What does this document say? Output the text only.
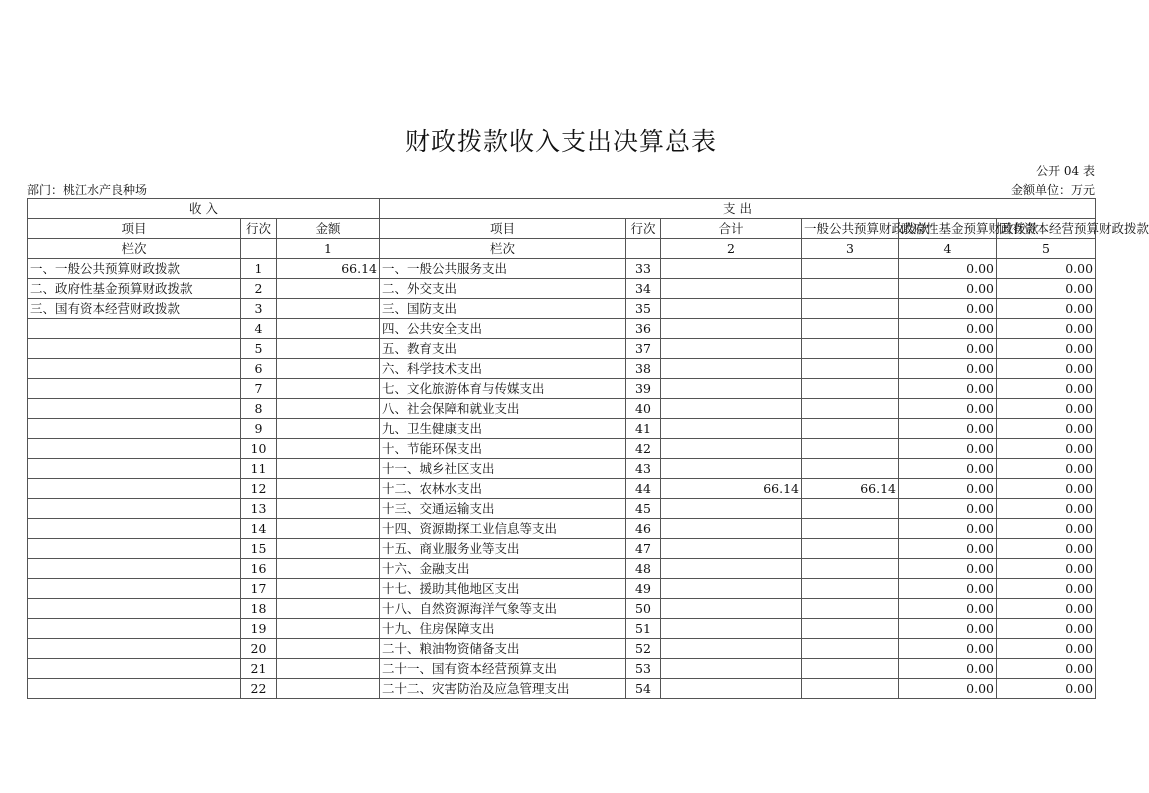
财政拨款收入支出决算总表
公开 04 表
部门：桃江水产良种场	金额单位：万元
收 入			支 出					
项目	行次	金额	项目	行次	合计	一般公共预算财政拨款	政府性基金预算财政拨款	国有资本经营预算财政拨款
栏次		1	栏次		2	3	4	5
一、一般公共预算财政拨款	1	66.14	一、一般公共服务支出	33			0.00	0.00
二、政府性基金预算财政拨款	2		二、外交支出	34			0.00	0.00
三、国有资本经营财政拨款	3		三、国防支出	35			0.00	0.00
	4		四、公共安全支出	36			0.00	0.00
	5		五、教育支出	37			0.00	0.00
	6		六、科学技术支出	38			0.00	0.00
	7		七、文化旅游体育与传媒支出	39			0.00	0.00
	8		八、社会保障和就业支出	40			0.00	0.00
	9		九、卫生健康支出	41			0.00	0.00
	10		十、节能环保支出	42			0.00	0.00
	11		十一、城乡社区支出	43			0.00	0.00
	12		十二、农林水支出	44	66.14	66.14	0.00	0.00
	13		十三、交通运输支出	45			0.00	0.00
	14		十四、资源勘探工业信息等支出	46			0.00	0.00
	15		十五、商业服务业等支出	47			0.00	0.00
	16		十六、金融支出	48			0.00	0.00
	17		十七、援助其他地区支出	49			0.00	0.00
	18		十八、自然资源海洋气象等支出	50			0.00	0.00
	19		十九、住房保障支出	51			0.00	0.00
	20		二十、粮油物资储备支出	52			0.00	0.00
	21		二十一、国有资本经营预算支出	53			0.00	0.00
	22		二十二、灾害防治及应急管理支出	54			0.00	0.00
